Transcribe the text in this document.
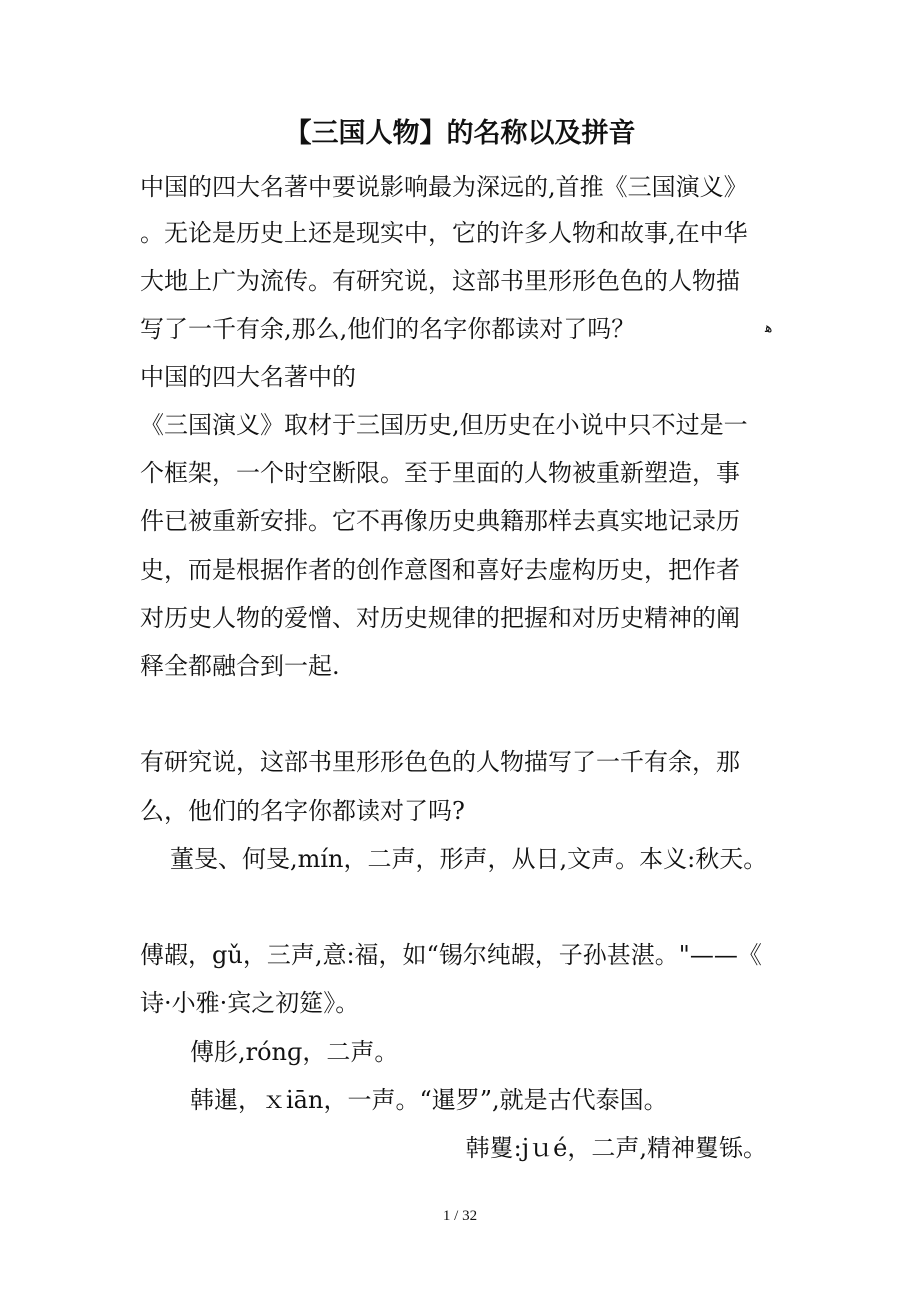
【三国人物】的名称以及拼音
中国的四大名著中要说影响最为深远的,首推《三国演义》
。无论是历史上还是现实中，它的许多人物和故事,在中华
大地上广为流传。有研究说，这部书里形形色色的人物描
写了一千有余,那么,他们的名字你都读对了吗？	ﻫ
中国的四大名著中的
《三国演义》取材于三国历史,但历史在小说中只不过是一
个框架，一个时空断限。至于里面的人物被重新塑造，事
件已被重新安排。它不再像历史典籍那样去真实地记录历
史，而是根据作者的创作意图和喜好去虚构历史，把作者
对历史人物的爱憎、对历史规律的把握和对历史精神的阐
释全都融合到一起.
有研究说，这部书里形形色色的人物描写了一千有余，那
么，他们的名字你都读对了吗?
董旻、何旻,mín，二声，形声，从日,文声。本义:秋天。
傅嘏，gǔ，三声,意:福，如“锡尔纯嘏，子孙甚湛。"——《
诗·小雅·宾之初筵》。
傅肜,rónɡ，二声。
韩暹，ｘiān，一声。“暹罗”,就是古代泰国。
韩矍:jｕé，二声,精神矍铄。
1 / 32
